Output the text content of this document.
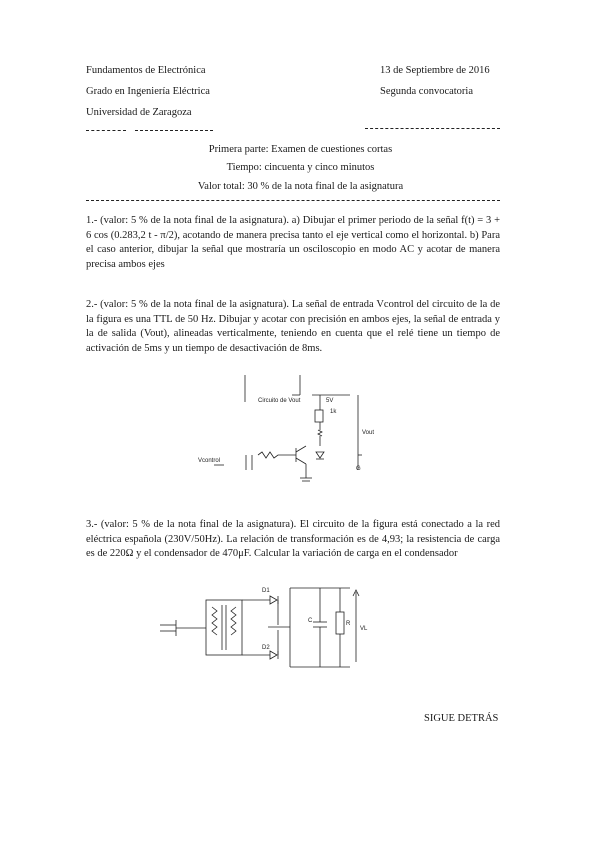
Fundamentos de Electrónica
Grado en Ingeniería Eléctrica
Universidad de Zaragoza
13 de Septiembre de 2016
Segunda convocatoria
Primera parte: Examen de cuestiones cortas
Tiempo: cincuenta y cinco minutos
Valor total: 30 % de la nota final de la asignatura
1.- (valor: 5 % de la nota final de la asignatura). a) Dibujar el primer periodo de la señal f(t) = 3 + 6 cos (0.283,2 t - π/2), acotando de manera precisa tanto el eje vertical como el horizontal. b) Para el caso anterior, dibujar la señal que mostraría un osciloscopio en modo AC y acotar de manera precisa ambos ejes
2.- (valor: 5 % de la nota final de la asignatura). La señal de entrada Vcontrol del circuito de la de la figura es una TTL de 50 Hz. Dibujar y acotar con precisión en ambos ejes, la señal de entrada y la de salida (Vout), alineadas verticalmente, teniendo en cuenta que el relé tiene un tiempo de activación de 5ms y un tiempo de desactivación de 8ms.
Circuito de Vout	5V
1k
Vout
Vcontrol
G
3.- (valor: 5 % de la nota final de la asignatura). El circuito de la figura está conectado a la red eléctrica española (230V/50Hz). La relación de transformación es de 4,93; la resistencia de carga es de 220Ω y el condensador de 470μF. Calcular la variación de carga en el condensador
D1
D2
C	R
VL
SIGUE DETRÁS
